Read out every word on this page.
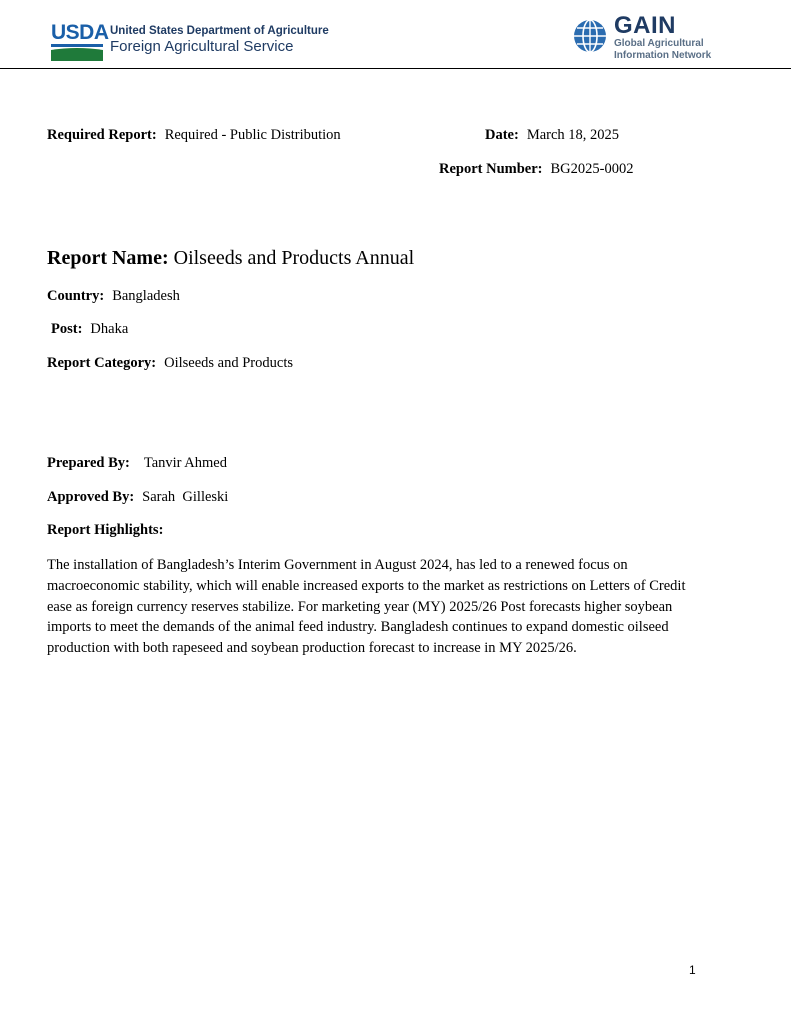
USDA United States Department of Agriculture
Foreign Agricultural Service
GAIN
Global Agricultural
Information Network
Required Report: Required - Public Distribution	Date: March 18, 2025
Report Number: BG2025-0002
Report Name: Oilseeds and Products Annual
Country: Bangladesh
Post: Dhaka
Report Category: Oilseeds and Products
Prepared By: Tanvir Ahmed
Approved By: Sarah  Gilleski
Report Highlights:
The installation of Bangladesh’s Interim Government in August 2024, has led to a renewed focus on macroeconomic stability, which will enable increased exports to the market as restrictions on Letters of Credit ease as foreign currency reserves stabilize. For marketing year (MY) 2025/26 Post forecasts higher soybean imports to meet the demands of the animal feed industry. Bangladesh continues to expand domestic oilseed production with both rapeseed and soybean production forecast to increase in MY 2025/26.
1
